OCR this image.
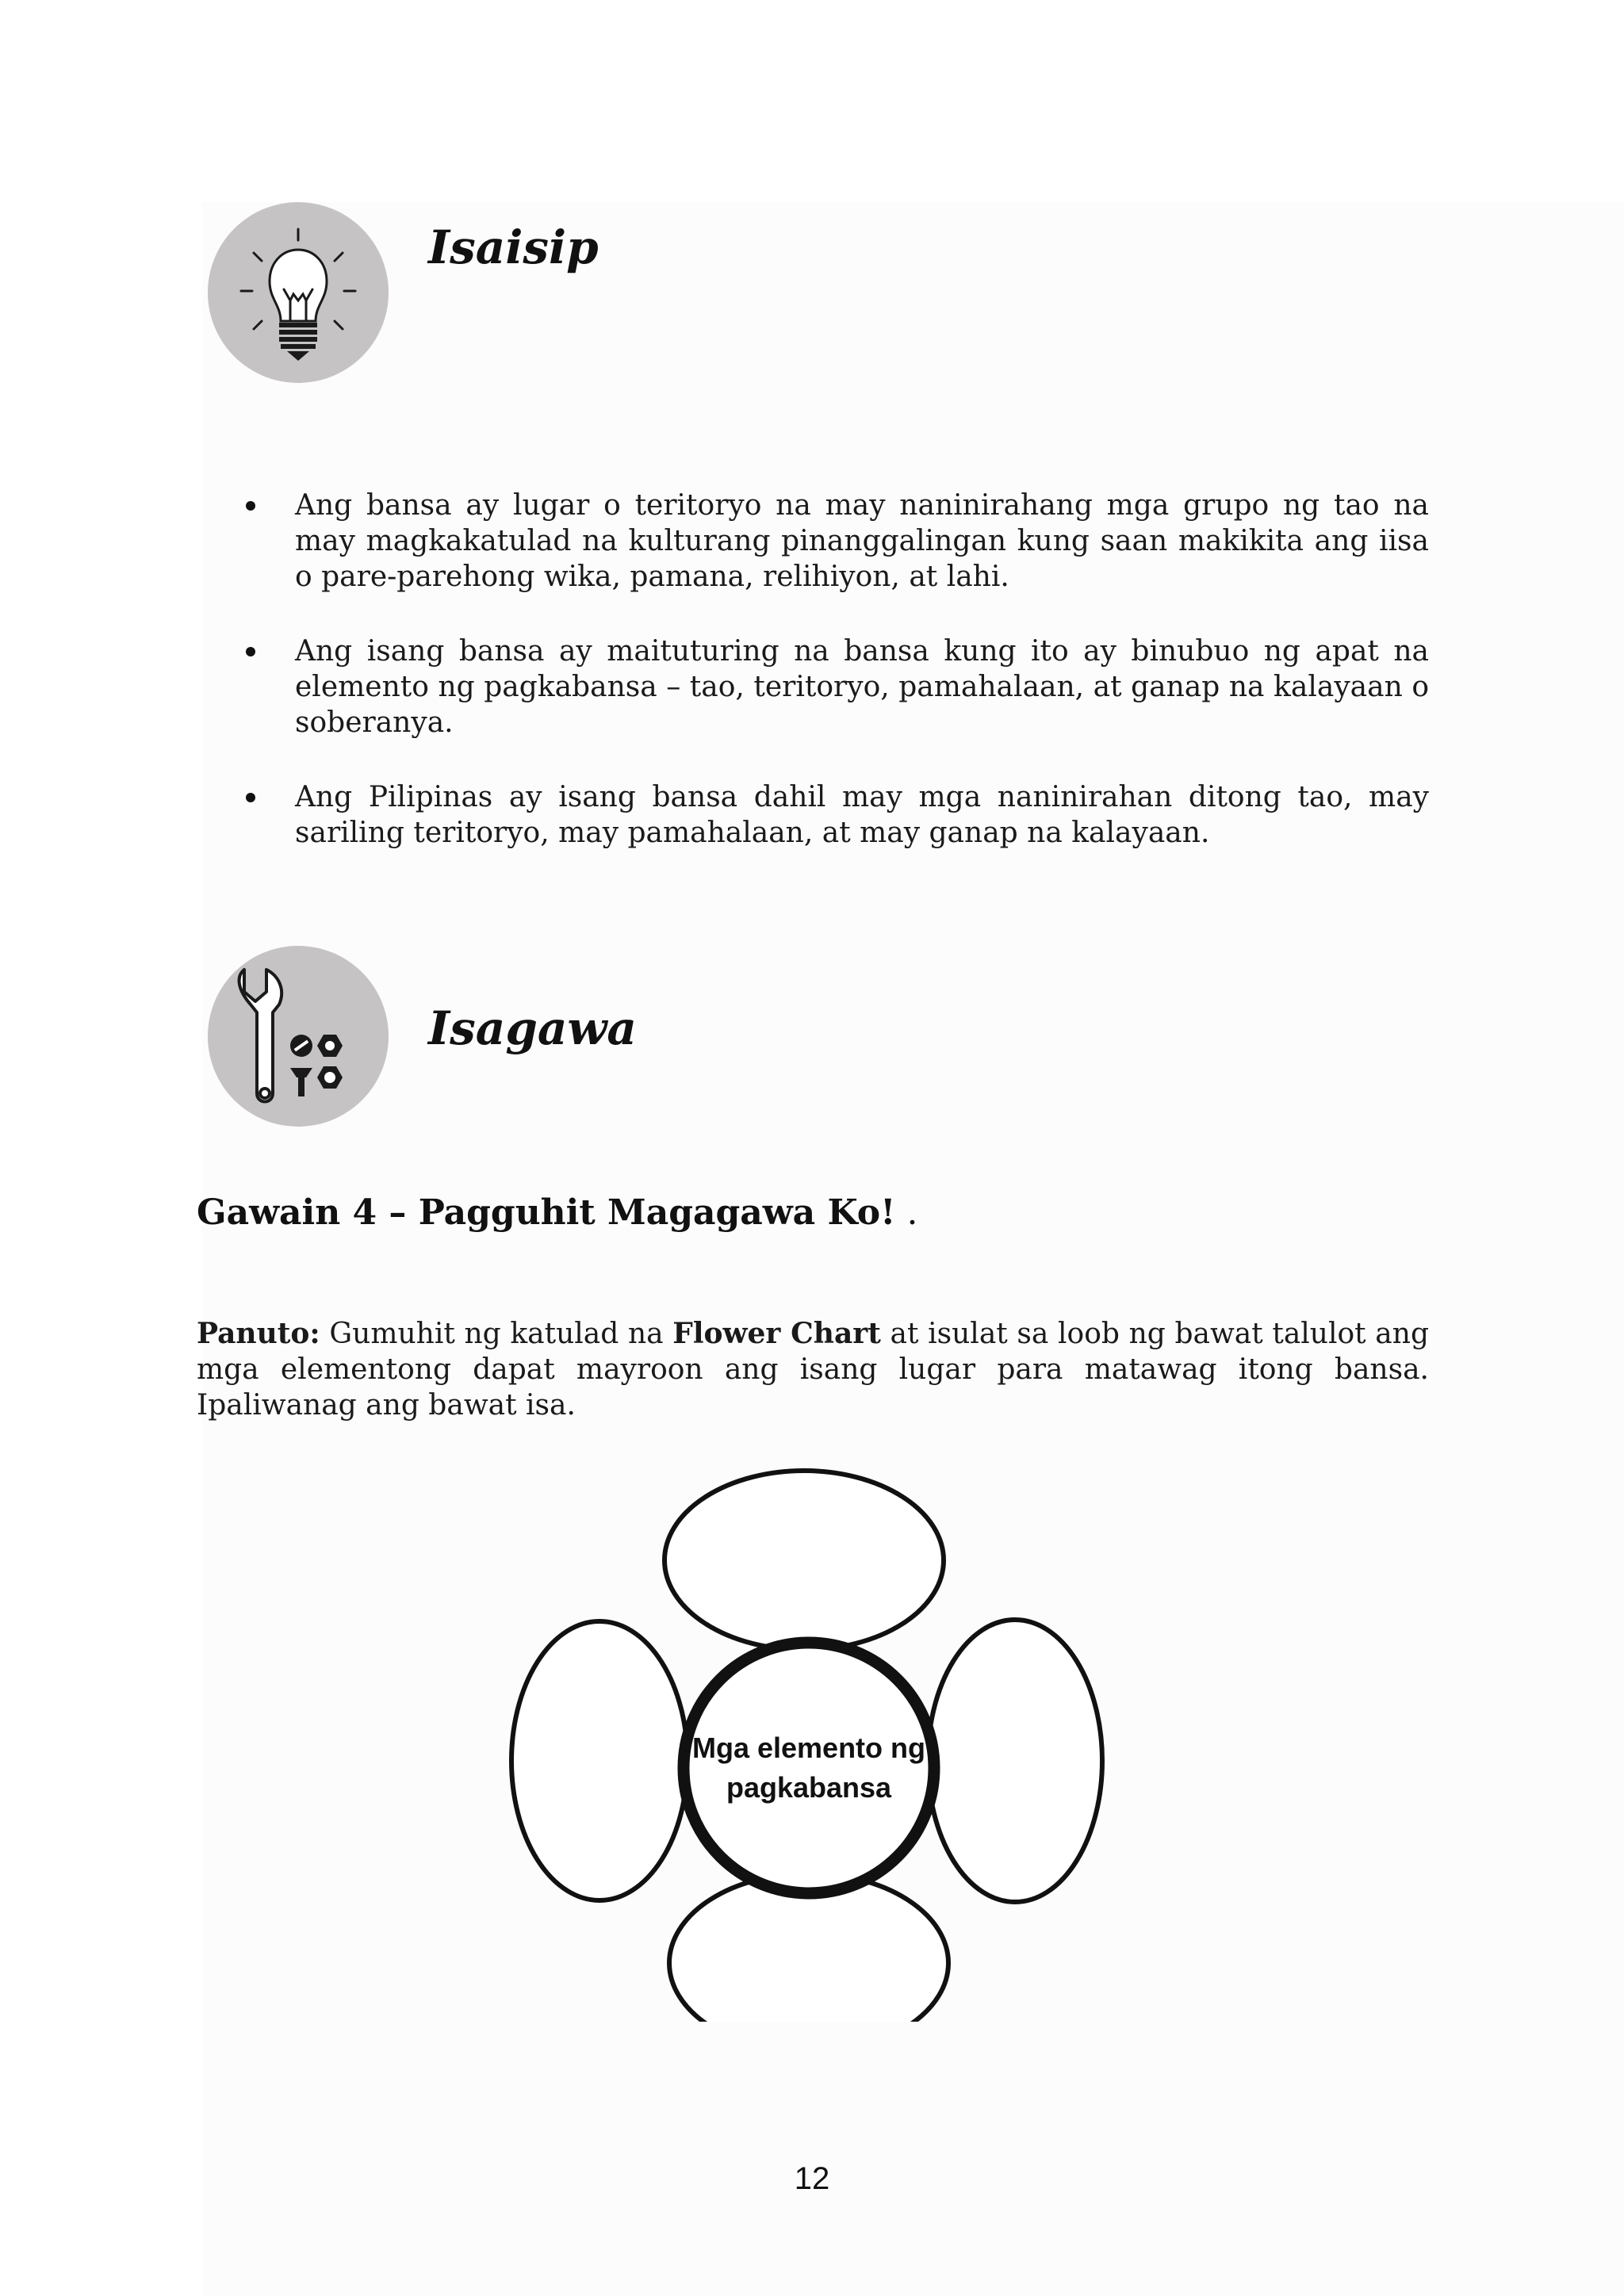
Isaisip
Ang bansa ay lugar o teritoryo na may naninirahang mga grupo ng tao na may magkakatulad na kulturang pinanggalingan kung saan makikita ang iisa o pare-parehong wika, pamana, relihiyon, at lahi.
Ang isang bansa ay maituturing na bansa kung ito ay binubuo ng apat na elemento ng pagkabansa – tao, teritoryo, pamahalaan, at ganap na kalayaan o soberanya.
Ang Pilipinas ay isang bansa dahil may mga naninirahan ditong tao, may sariling teritoryo, may pamahalaan, at may ganap na kalayaan.
Isagawa
Gawain 4 – Pagguhit Magagawa Ko! .

Panuto: Gumuhit ng katulad na Flower Chart at isulat sa loob ng bawat talulot ang mga elementong dapat mayroon ang isang lugar para matawag itong bansa. Ipaliwanag ang bawat isa.

Mga elemento ng pagkabansa
12
